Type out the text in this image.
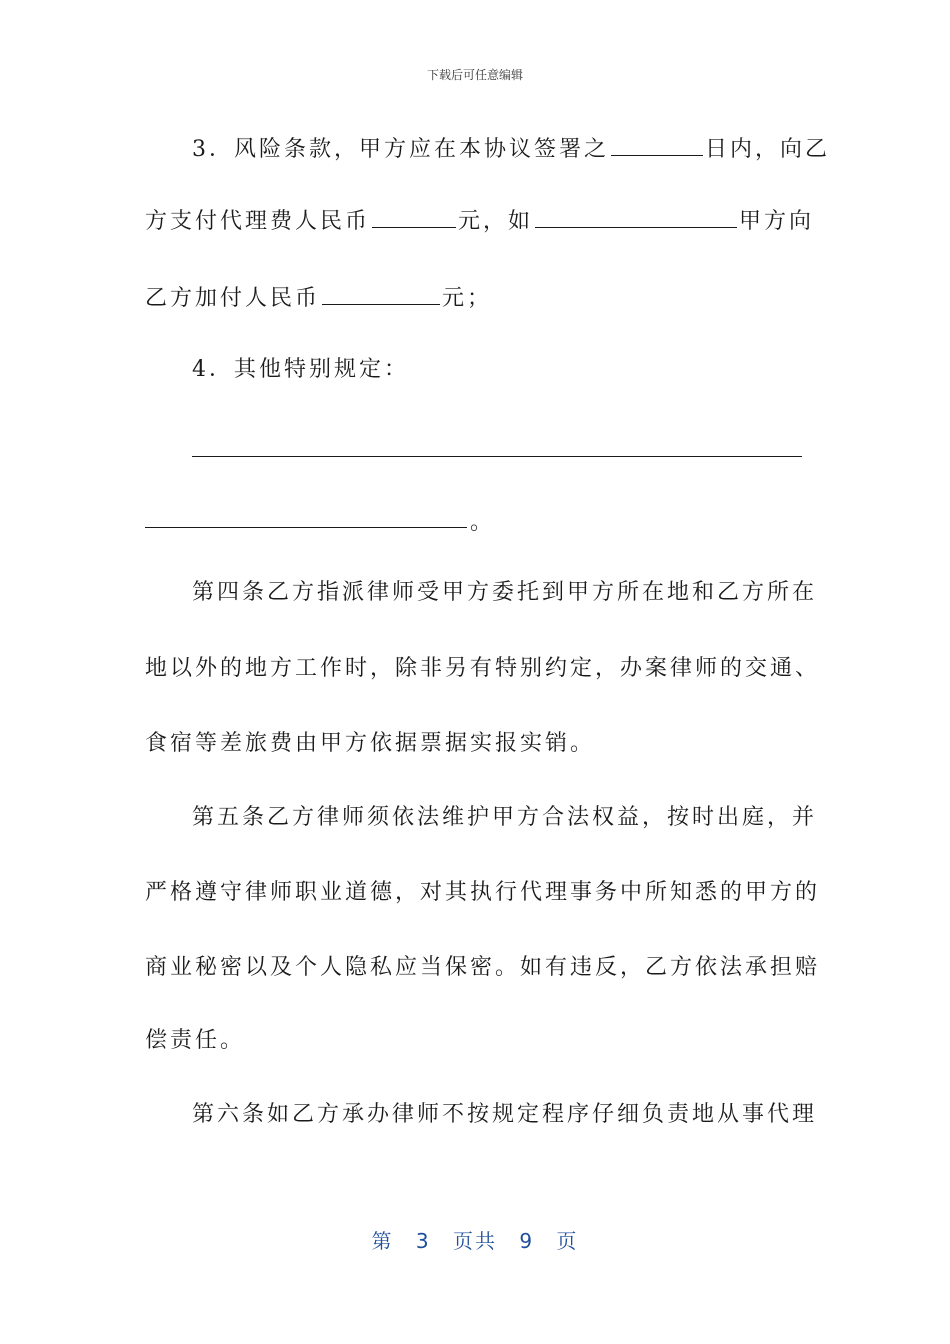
下载后可任意编辑
3．风险条款，甲方应在本协议签署之	日内，向乙
方支付代理费人民币	元，如	甲方向
乙方加付人民币	元；
4．其他特别规定：
。
第四条乙方指派律师受甲方委托到甲方所在地和乙方所在
地以外的地方工作时，除非另有特别约定，办案律师的交通、
食宿等差旅费由甲方依据票据实报实销。
第五条乙方律师须依法维护甲方合法权益，按时出庭，并
严格遵守律师职业道德，对其执行代理事务中所知悉的甲方的
商业秘密以及个人隐私应当保密。如有违反，乙方依法承担赔
偿责任。
第六条如乙方承办律师不按规定程序仔细负责地从事代理
第 3 页共 9 页
